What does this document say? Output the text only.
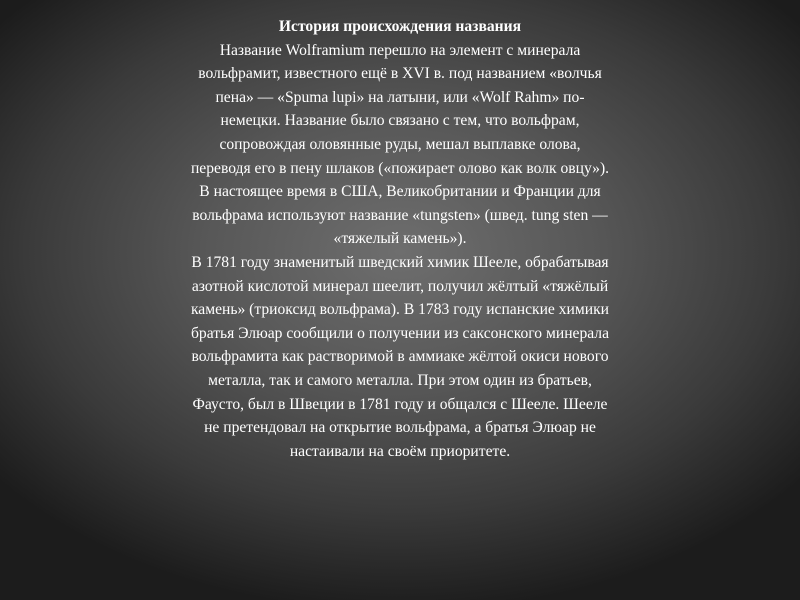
История происхождения названия
Название Wolframium перешло на элемент с минерала
вольфрамит, известного ещё в XVI в. под названием «волчья
пена» — «Spuma lupi» на латыни, или «Wolf Rahm» по-
немецки. Название было связано с тем, что вольфрам,
сопровождая оловянные руды, мешал выплавке олова,
переводя его в пену шлаков («пожирает олово как волк овцу»).
В настоящее время в США, Великобритании и Франции для
вольфрама используют название «tungsten» (швед. tung sten —
«тяжелый камень»).
В 1781 году знаменитый шведский химик Шееле, обрабатывая
азотной кислотой минерал шеелит, получил жёлтый «тяжёлый
камень» (триоксид вольфрама). В 1783 году испанские химики
братья Элюар сообщили о получении из саксонского минерала
вольфрамита как растворимой в аммиаке жёлтой окиси нового
металла, так и самого металла. При этом один из братьев,
Фаусто, был в Швеции в 1781 году и общался с Шееле. Шееле
не претендовал на открытие вольфрама, а братья Элюар не
настаивали на своём приоритете.
